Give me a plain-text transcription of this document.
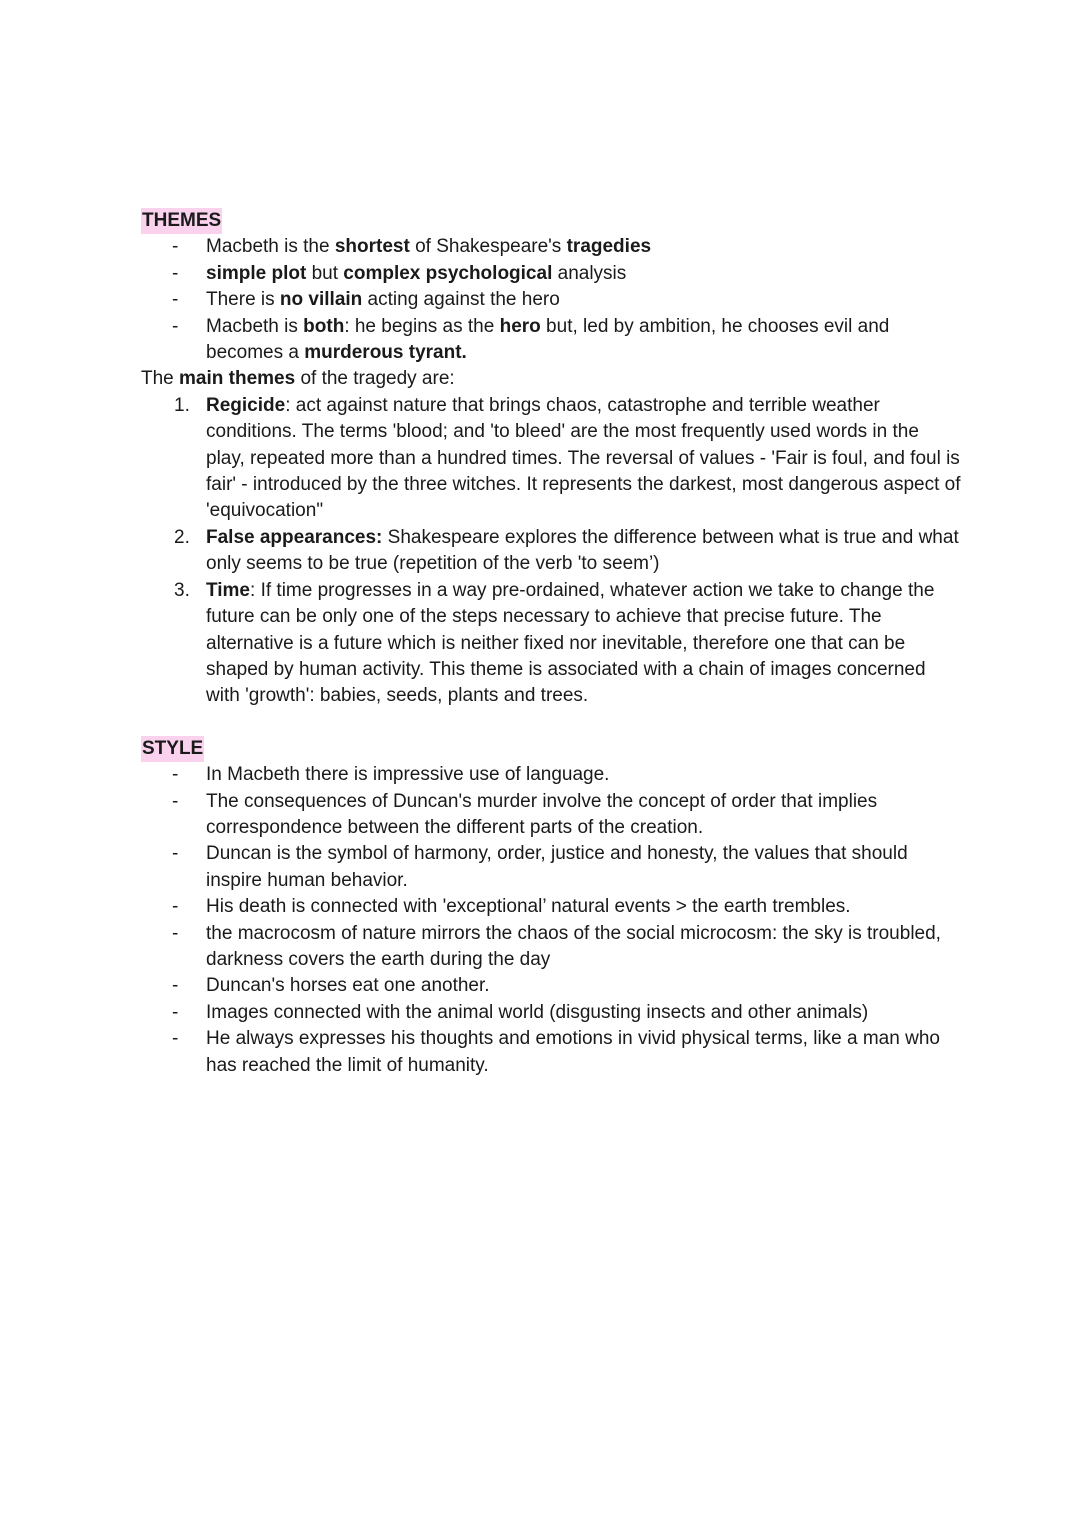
THEMES
- Macbeth is the shortest of Shakespeare's tragedies
- simple plot but complex psychological analysis
- There is no villain acting against the hero
- Macbeth is both: he begins as the hero but, led by ambition, he chooses evil and becomes a murderous tyrant.

The main themes of the tragedy are:

1. Regicide: act against nature that brings chaos, catastrophe and terrible weather conditions. The terms 'blood; and 'to bleed' are the most frequently used words in the play, repeated more than a hundred times. The reversal of values - 'Fair is foul, and foul is fair' - introduced by the three witches. It represents the darkest, most dangerous aspect of 'equivocation"
2. False appearances: Shakespeare explores the difference between what is true and what only seems to be true (repetition of the verb 'to seem’)
3. Time: If time progresses in a way pre-ordained, whatever action we take to change the future can be only one of the steps necessary to achieve that precise future. The alternative is a future which is neither fixed nor inevitable, therefore one that can be shaped by human activity. This theme is associated with a chain of images concerned with 'growth': babies, seeds, plants and trees.
STYLE
- In Macbeth there is impressive use of language.
- The consequences of Duncan's murder involve the concept of order that implies correspondence between the different parts of the creation.
- Duncan is the symbol of harmony, order, justice and honesty, the values that should inspire human behavior.
- His death is connected with 'exceptional’ natural events > the earth trembles.
- the macrocosm of nature mirrors the chaos of the social microcosm: the sky is troubled, darkness covers the earth during the day
- Duncan's horses eat one another.
- Images connected with the animal world (disgusting insects and other animals)
- He always expresses his thoughts and emotions in vivid physical terms, like a man who has reached the limit of humanity.
